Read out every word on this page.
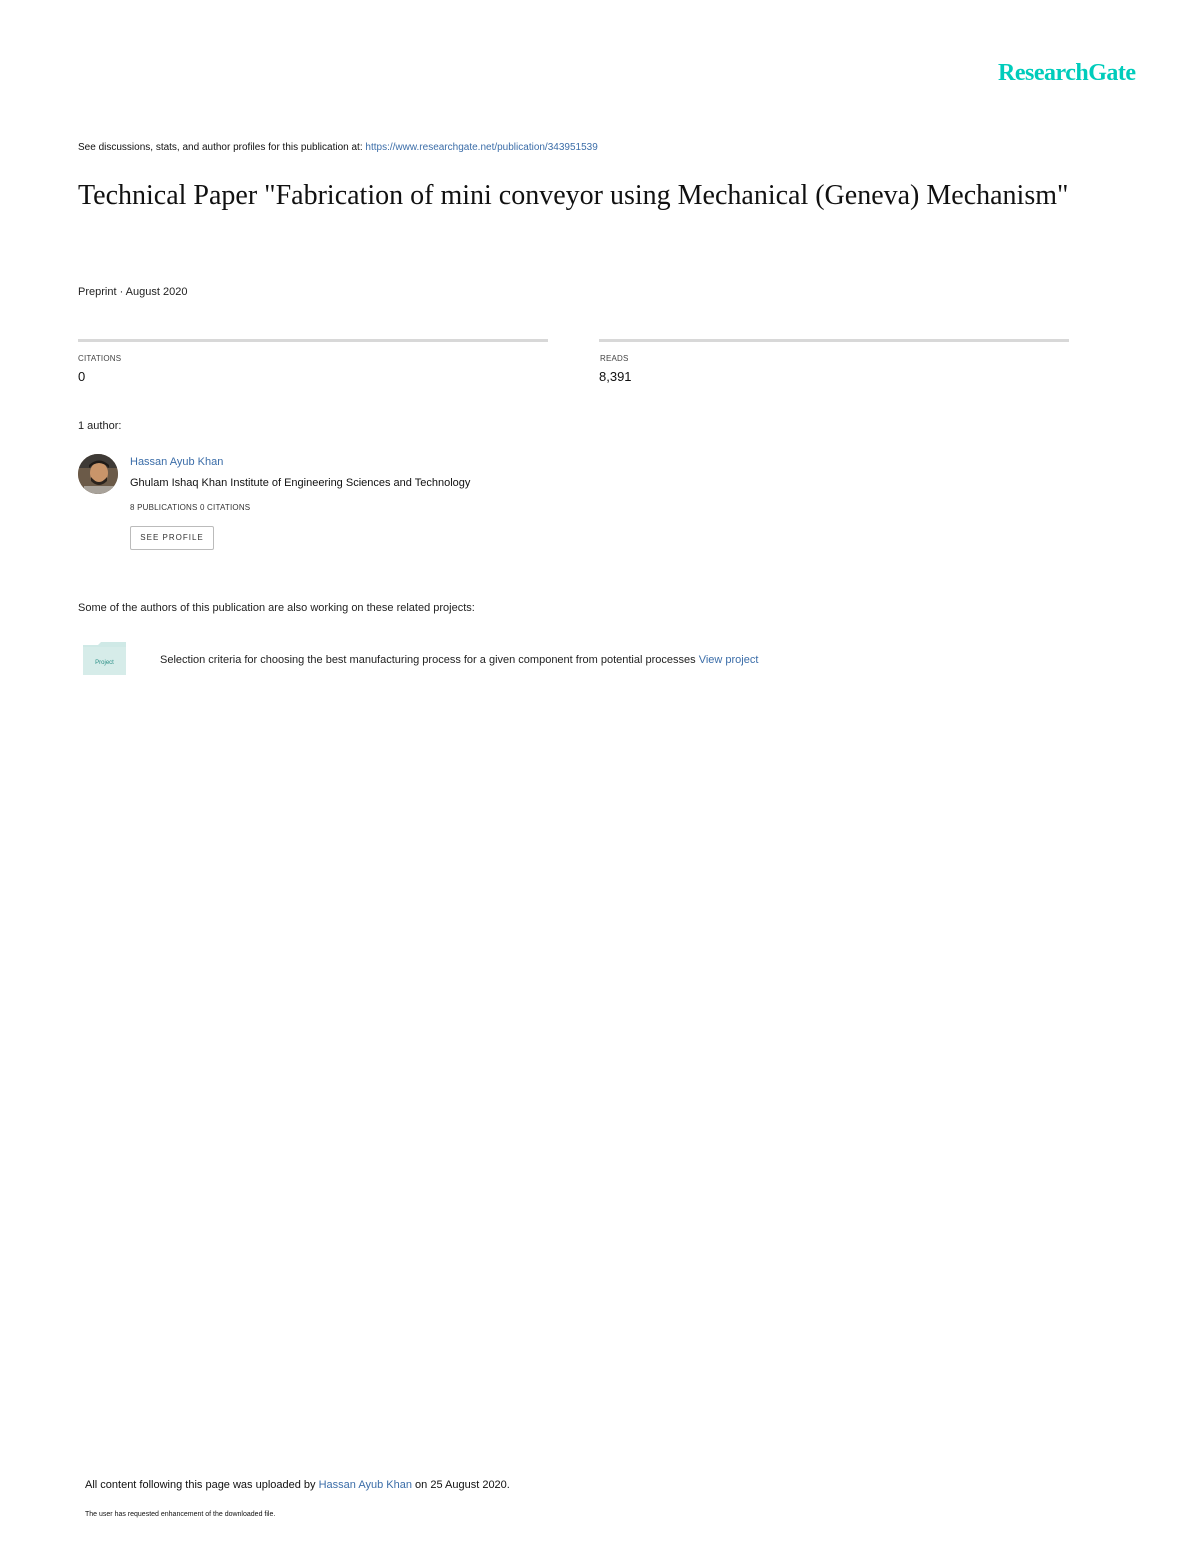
ResearchGate
See discussions, stats, and author profiles for this publication at: https://www.researchgate.net/publication/343951539
Technical Paper "Fabrication of mini conveyor using Mechanical (Geneva) Mechanism"
Preprint · August 2020
CITATIONS
0
READS
8,391
1 author:
Hassan Ayub Khan
Ghulam Ishaq Khan Institute of Engineering Sciences and Technology
8 PUBLICATIONS 0 CITATIONS
SEE PROFILE
Some of the authors of this publication are also working on these related projects:
Project	Selection criteria for choosing the best manufacturing process for a given component from potential processes View project
All content following this page was uploaded by Hassan Ayub Khan on 25 August 2020.
The user has requested enhancement of the downloaded file.
